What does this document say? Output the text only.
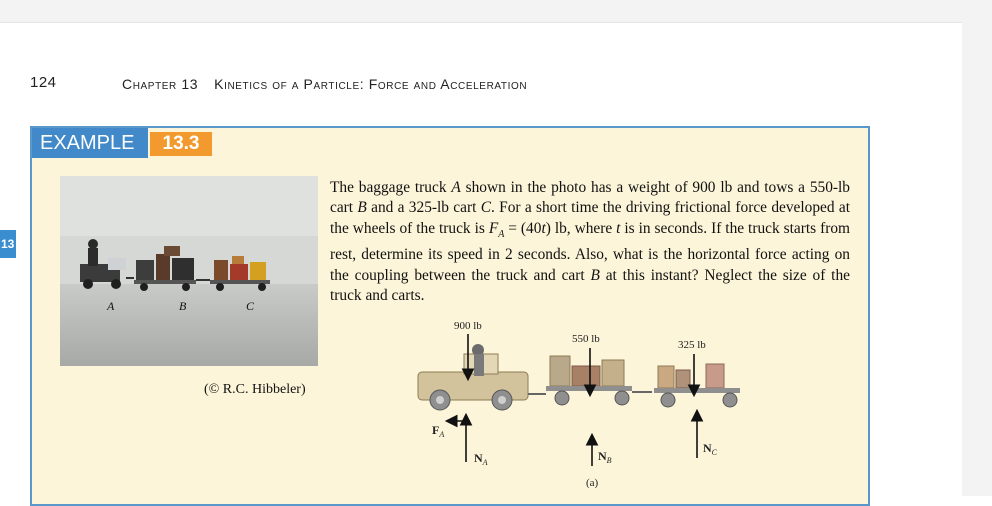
124	Chapter 13 Kinetics of a Particle: Force and Acceleration
13
EXAMPLE	13.3
A	B	C
(© R.C. Hibbeler)

The baggage truck A shown in the photo has a weight of 900 lb and tows a 550-lb cart B and a 325-lb cart C. For a short time the driving frictional force developed at the wheels of the truck is $F_A = (40t)$ lb, where t is in seconds. If the truck starts from rest, determine its speed in 2 seconds. Also, what is the horizontal force acting on the coupling between the truck and cart B at this instant? Neglect the size of the truck and carts.

900 lb
550 lb	325 lb
$F_A$
$N_A$	$N_B$
$N_C$
(a)
